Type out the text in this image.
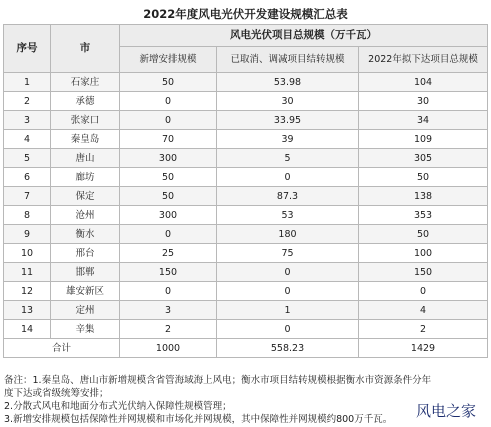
2022年度风电光伏开发建设规模汇总表
序号	市	风电光伏项目总规模（万千瓦）		
		新增安排规模	已取消、调减项目结转规模	2022年拟下达项目总规模
1	石家庄	50	53.98	104
2	承德	0	30	30
3	张家口	0	33.95	34
4	秦皇岛	70	39	109
5	唐山	300	5	305
6	廊坊	50	0	50
7	保定	50	87.3	138
8	沧州	300	53	353
9	衡水	0	180	50
10	邢台	25	75	100
11	邯郸	150	0	150
12	雄安新区	0	0	0
13	定州	3	1	4
14	辛集	2	0	2
合计		1000	558.23	1429
备注：1.秦皇岛、唐山市新增规模含省管海域海上风电；衡水市项目结转规模根据衡水市资源条件分年
度下达或省级统筹安排；
2.分散式风电和地面分布式光伏纳入保障性规模管理；
3.新增安排规模包括保障性并网规模和市场化并网规模，其中保障性并网规模约800万千瓦。	风电之家
